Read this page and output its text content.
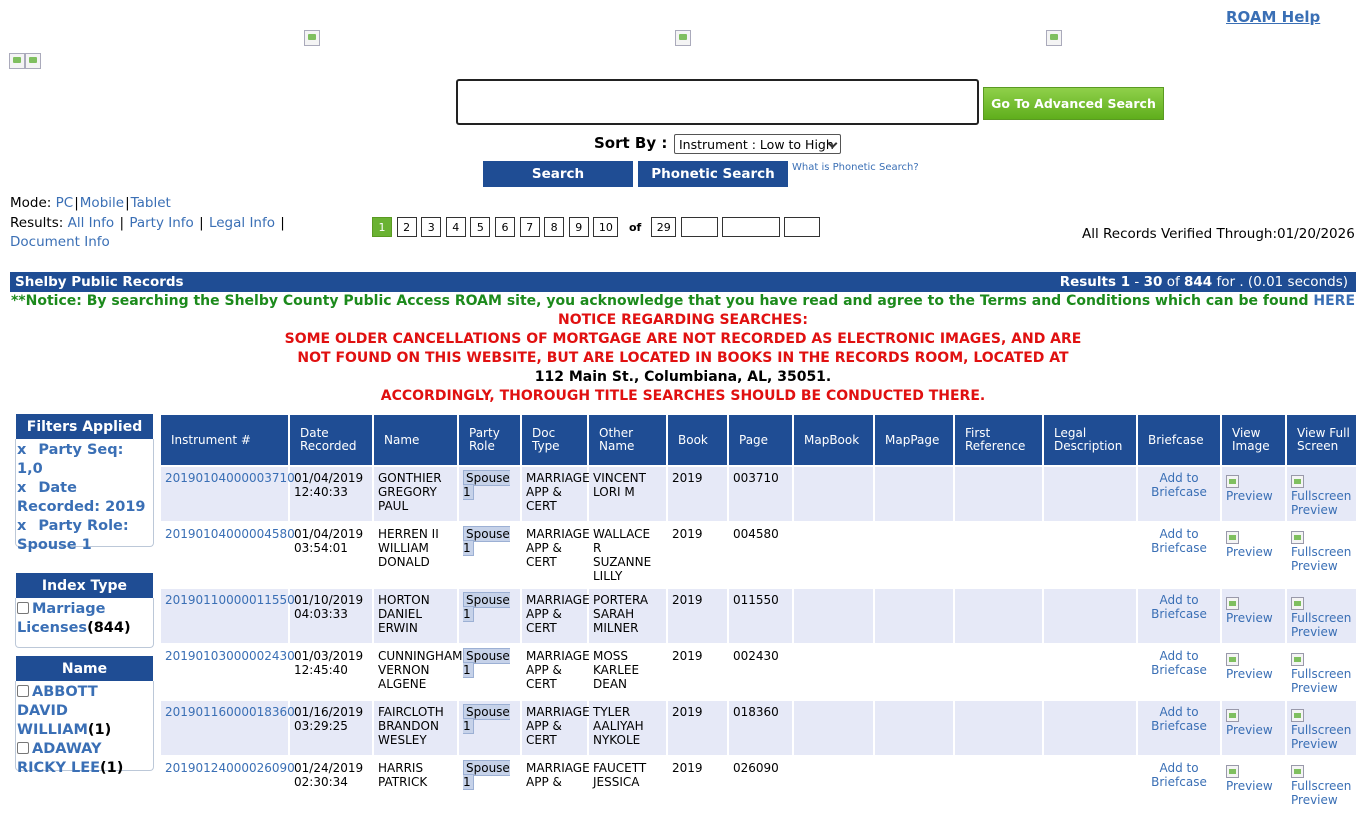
ROAM Help
Go To Advanced Search
Sort By : Instrument : Low to High
Search	Phonetic Search	What is Phonetic Search?
Mode: PC|Mobile|Tablet
Results: All Info | Party Info | Legal Info |
Document Info
1	2	3	4	5	6	7	8	9	10	of	29	All Records Verified Through:01/20/2026
Shelby Public Records	Results 1 - 30 of 844 for . (0.01 seconds)
**Notice: By searching the Shelby County Public Access ROAM site, you acknowledge that you have read and agree to the Terms and Conditions which can be found HERE
NOTICE REGARDING SEARCHES:
SOME OLDER CANCELLATIONS OF MORTGAGE ARE NOT RECORDED AS ELECTRONIC IMAGES, AND ARE
NOT FOUND ON THIS WEBSITE, BUT ARE LOCATED IN BOOKS IN THE RECORDS ROOM, LOCATED AT
112 Main St., Columbiana, AL, 35051.
ACCORDINGLY, THOROUGH TITLE SEARCHES SHOULD BE CONDUCTED THERE.
Filters Applied
x Party Seq: 1,0
x Date Recorded: 2019
x Party Role: Spouse 1
Index Type
Marriage Licenses(844)
Name
ABBOTT DAVID WILLIAM(1)
ADAWAY RICKY LEE(1)
Instrument #	Date Recorded	Name	Party Role	Doc Type	Other Name	Book	Page	MapBook	MapPage	First Reference	Legal Description	Briefcase	View Image	View Full Screen
20190104000003710	01/04/2019
12:40:33	GONTHIER GREGORY PAUL	Spouse 1	MARRIAGE APP & CERT	VINCENT LORI M	2019	003710					Add to Briefcase	Preview	Fullscreen Preview
20190104000004580	01/04/2019
03:54:01	HERREN II WILLIAM DONALD	Spouse 1	MARRIAGE APP & CERT	WALLACE R SUZANNE LILLY	2019	004580					Add to Briefcase	Preview	Fullscreen Preview
20190110000011550	01/10/2019
04:03:33	HORTON DANIEL ERWIN	Spouse 1	MARRIAGE APP & CERT	PORTERA SARAH MILNER	2019	011550					Add to Briefcase	Preview	Fullscreen Preview
20190103000002430	01/03/2019
12:45:40	CUNNINGHAM VERNON ALGENE	Spouse 1	MARRIAGE APP & CERT	MOSS KARLEE DEAN	2019	002430					Add to Briefcase	Preview	Fullscreen Preview
20190116000018360	01/16/2019
03:29:25	FAIRCLOTH BRANDON WESLEY	Spouse 1	MARRIAGE APP & CERT	TYLER AALIYAH NYKOLE	2019	018360					Add to Briefcase	Preview	Fullscreen Preview
20190124000026090	01/24/2019
02:30:34	HARRIS PATRICK	Spouse 1	MARRIAGE APP &	FAUCETT JESSICA	2019	026090					Add to Briefcase	Preview	Fullscreen Preview
